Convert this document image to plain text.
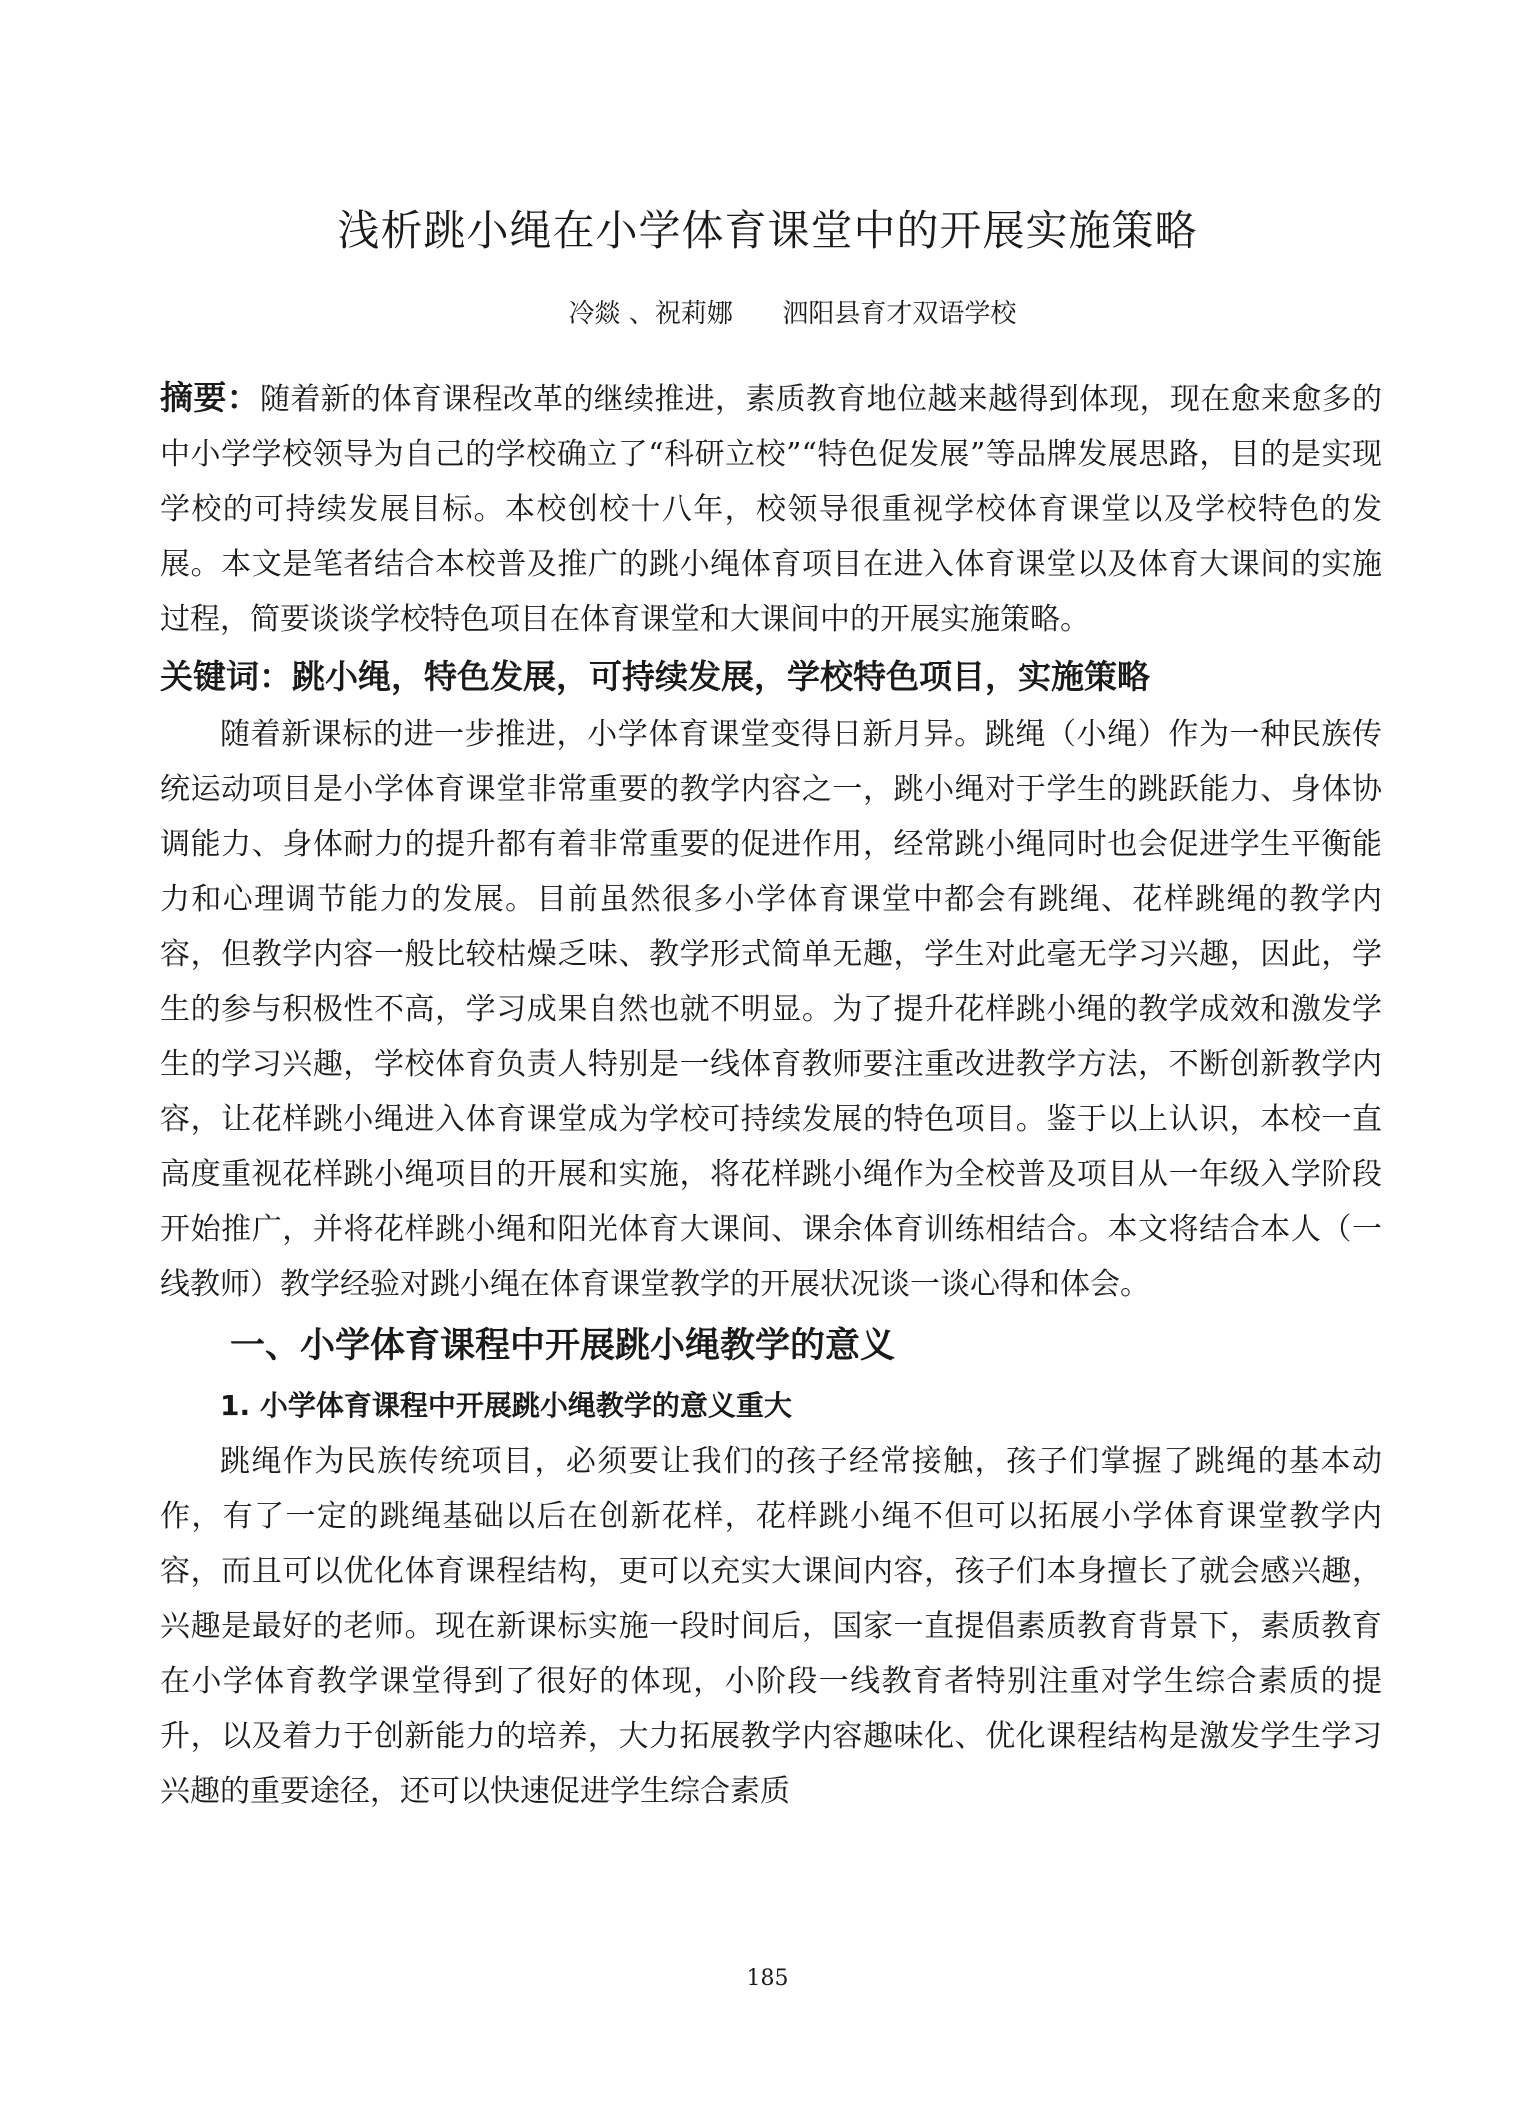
浅析跳小绳在小学体育课堂中的开展实施策略
冷燚 、祝莉娜      泗阳县育才双语学校

摘要：随着新的体育课程改革的继续推进，素质教育地位越来越得到体现，现在愈来愈多的中小学学校领导为自己的学校确立了“科研立校”“特色促发展”等品牌发展思路，目的是实现学校的可持续发展目标。本校创校十八年，校领导很重视学校体育课堂以及学校特色的发展。本文是笔者结合本校普及推广的跳小绳体育项目在进入体育课堂以及体育大课间的实施过程，简要谈谈学校特色项目在体育课堂和大课间中的开展实施策略。

关键词：跳小绳，特色发展，可持续发展，学校特色项目，实施策略

随着新课标的进一步推进，小学体育课堂变得日新月异。跳绳（小绳）作为一种民族传统运动项目是小学体育课堂非常重要的教学内容之一，跳小绳对于学生的跳跃能力、身体协调能力、身体耐力的提升都有着非常重要的促进作用，经常跳小绳同时也会促进学生平衡能力和心理调节能力的发展。目前虽然很多小学体育课堂中都会有跳绳、花样跳绳的教学内容，但教学内容一般比较枯燥乏味、教学形式简单无趣，学生对此毫无学习兴趣，因此，学生的参与积极性不高，学习成果自然也就不明显。为了提升花样跳小绳的教学成效和激发学生的学习兴趣，学校体育负责人特别是一线体育教师要注重改进教学方法，不断创新教学内容，让花样跳小绳进入体育课堂成为学校可持续发展的特色项目。鉴于以上认识，本校一直高度重视花样跳小绳项目的开展和实施，将花样跳小绳作为全校普及项目从一年级入学阶段开始推广，并将花样跳小绳和阳光体育大课间、课余体育训练相结合。本文将结合本人（一线教师）教学经验对跳小绳在体育课堂教学的开展状况谈一谈心得和体会。

一、小学体育课程中开展跳小绳教学的意义
1. 小学体育课程中开展跳小绳教学的意义重大

跳绳作为民族传统项目，必须要让我们的孩子经常接触，孩子们掌握了跳绳的基本动作，有了一定的跳绳基础以后在创新花样，花样跳小绳不但可以拓展小学体育课堂教学内容，而且可以优化体育课程结构，更可以充实大课间内容，孩子们本身擅长了就会感兴趣，兴趣是最好的老师。现在新课标实施一段时间后，国家一直提倡素质教育背景下，素质教育在小学体育教学课堂得到了很好的体现，小阶段一线教育者特别注重对学生综合素质的提升，以及着力于创新能力的培养，大力拓展教学内容趣味化、优化课程结构是激发学生学习兴趣的重要途径，还可以快速促进学生综合素质

185
